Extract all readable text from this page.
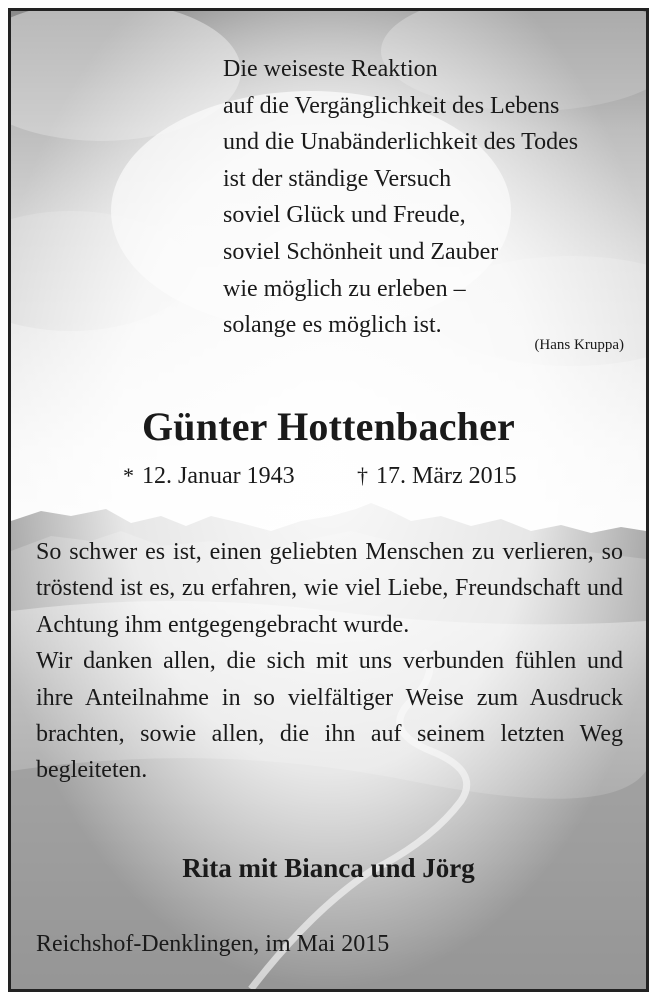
Die weiseste Reaktion
auf die Vergänglichkeit des Lebens
und die Unabänderlichkeit des Todes
ist der ständige Versuch
soviel Glück und Freude,
soviel Schönheit und Zauber
wie möglich zu erleben –
solange es möglich ist.
(Hans Kruppa)
Günter Hottenbacher
* 12. Januar 1943	† 17. März 2015

So schwer es ist, einen geliebten Menschen zu verlieren, so tröstend ist es, zu erfahren, wie viel Liebe, Freundschaft und Achtung ihm entgegengebracht wurde.

Wir danken allen, die sich mit uns verbunden fühlen und ihre Anteilnahme in so vielfältiger Weise zum Ausdruck brachten, sowie allen, die ihn auf seinem letzten Weg begleiteten.

Rita mit Bianca und Jörg
Reichshof-Denklingen, im Mai 2015
